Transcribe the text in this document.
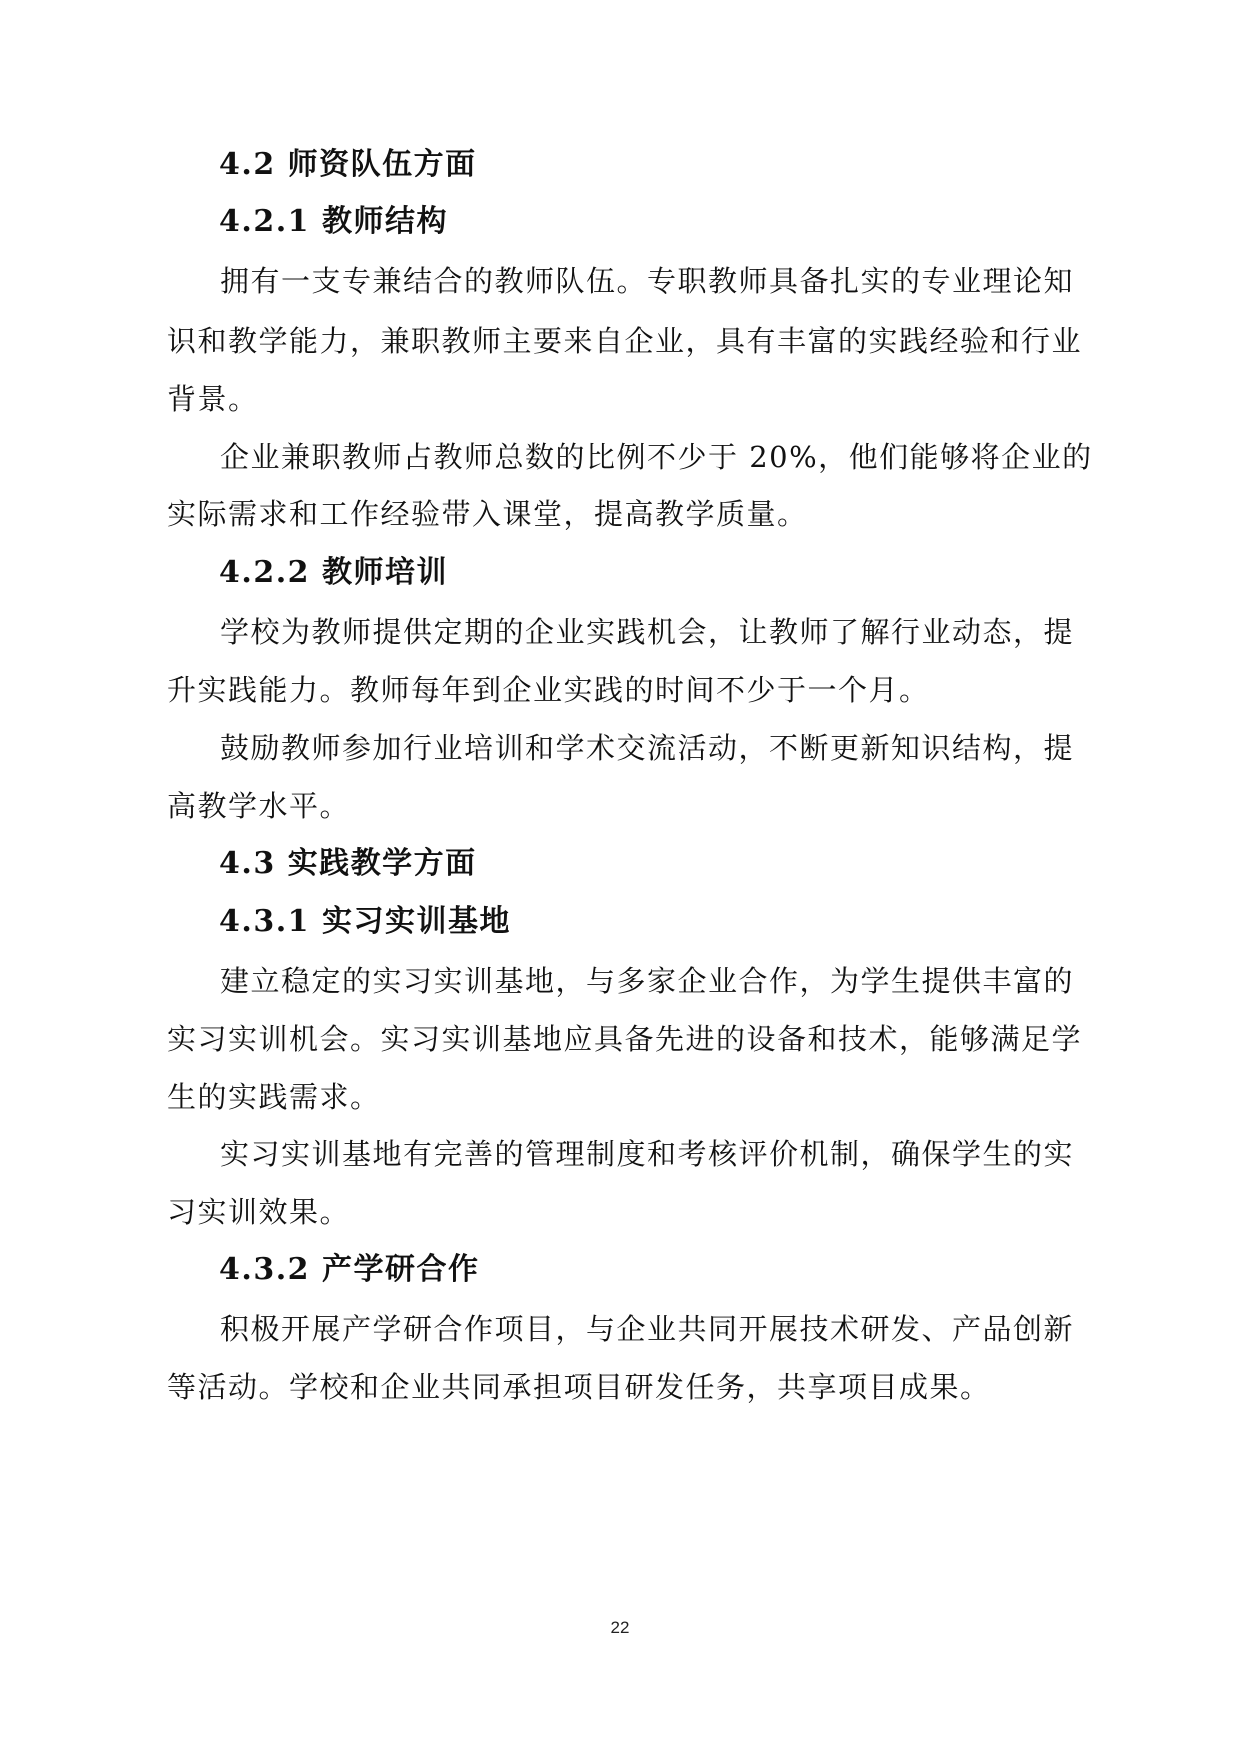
4.2 师资队伍方面
4.2.1 教师结构
拥有一支专兼结合的教师队伍。专职教师具备扎实的专业理论知
识和教学能力，兼职教师主要来自企业，具有丰富的实践经验和行业
背景。
企业兼职教师占教师总数的比例不少于 20%，他们能够将企业的
实际需求和工作经验带入课堂，提高教学质量。
4.2.2 教师培训
学校为教师提供定期的企业实践机会，让教师了解行业动态，提
升实践能力。教师每年到企业实践的时间不少于一个月。
鼓励教师参加行业培训和学术交流活动，不断更新知识结构，提
高教学水平。
4.3 实践教学方面
4.3.1 实习实训基地
建立稳定的实习实训基地，与多家企业合作，为学生提供丰富的
实习实训机会。实习实训基地应具备先进的设备和技术，能够满足学
生的实践需求。
实习实训基地有完善的管理制度和考核评价机制，确保学生的实
习实训效果。
4.3.2 产学研合作
积极开展产学研合作项目，与企业共同开展技术研发、产品创新
等活动。学校和企业共同承担项目研发任务，共享项目成果。
22
